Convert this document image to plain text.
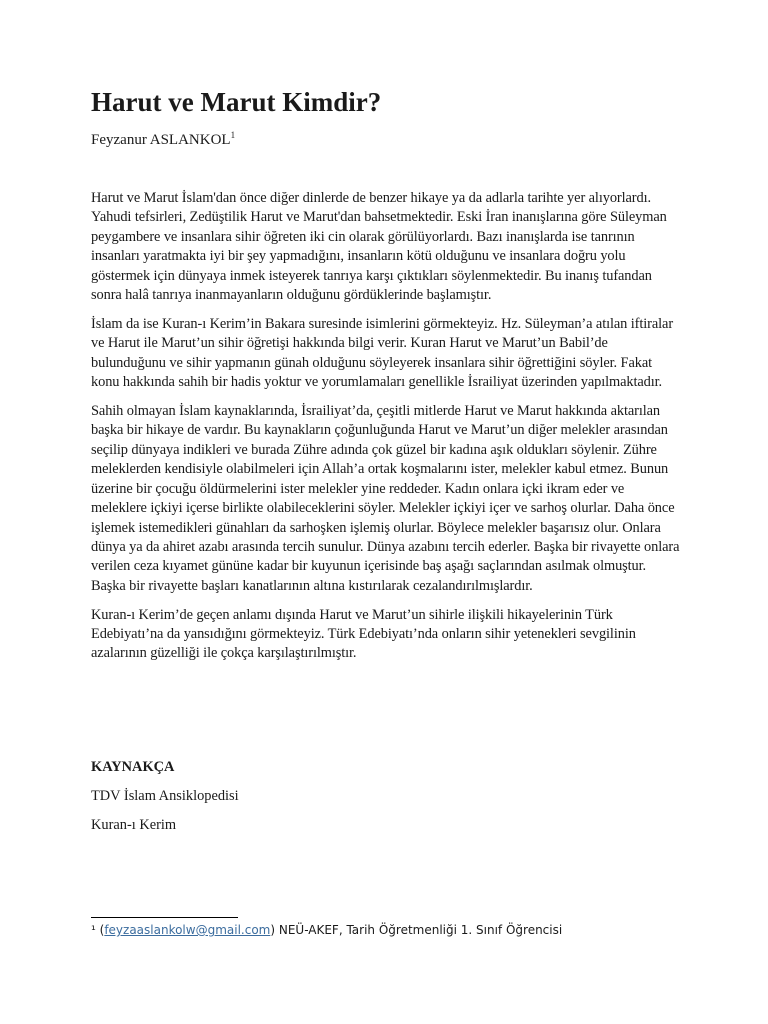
Harut ve Marut Kimdir?
Feyzanur ASLANKOL$^1$

Harut ve Marut İslam'dan önce diğer dinlerde de benzer hikaye ya da adlarla tarihte yer alıyorlardı. Yahudi tefsirleri, Zedüştilik Harut ve Marut'dan bahsetmektedir. Eski İran inanışlarına göre Süleyman peygambere ve insanlara sihir öğreten iki cin olarak görülüyorlardı. Bazı inanışlarda ise tanrının insanları yaratmakta iyi bir şey yapmadığını, insanların kötü olduğunu ve insanlara doğru yolu göstermek için dünyaya inmek isteyerek tanrıya karşı çıktıkları söylenmektedir. Bu inanış tufandan sonra halâ tanrıya inanmayanların olduğunu gördüklerinde başlamıştır.

İslam da ise Kuran-ı Kerim’in Bakara suresinde isimlerini görmekteyiz. Hz. Süleyman’a atılan iftiralar ve Harut ile Marut’un sihir öğretişi hakkında bilgi verir. Kuran Harut ve Marut’un Babil’de bulunduğunu ve sihir yapmanın günah olduğunu söyleyerek insanlara sihir öğrettiğini söyler. Fakat konu hakkında sahih bir hadis yoktur ve yorumlamaları genellikle İsrailiyat üzerinden yapılmaktadır.

Sahih olmayan İslam kaynaklarında, İsrailiyat’da, çeşitli mitlerde Harut ve Marut hakkında aktarılan başka bir hikaye de vardır. Bu kaynakların çoğunluğunda Harut ve Marut’un diğer melekler arasından seçilip dünyaya indikleri ve burada Zühre adında çok güzel bir kadına aşık oldukları söylenir. Zühre meleklerden kendisiyle olabilmeleri için Allah’a ortak koşmalarını ister, melekler kabul etmez. Bunun üzerine bir çocuğu öldürmelerini ister melekler yine reddeder. Kadın onlara içki ikram eder ve meleklere içkiyi içerse birlikte olabileceklerini söyler. Melekler içkiyi içer ve sarhoş olurlar. Daha önce işlemek istemedikleri günahları da sarhoşken işlemiş olurlar. Böylece melekler başarısız olur. Onlara dünya ya da ahiret azabı arasında tercih sunulur. Dünya azabını tercih ederler. Başka bir rivayette onlara verilen ceza kıyamet gününe kadar bir kuyunun içerisinde baş aşağı saçlarından asılmak olmuştur. Başka bir rivayette başları kanatlarının altına kıstırılarak cezalandırılmışlardır.

Kuran-ı Kerim’de geçen anlamı dışında Harut ve Marut’un sihirle ilişkili hikayelerinin Türk Edebiyatı’na da yansıdığını görmekteyiz. Türk Edebiyatı’nda onların sihir yetenekleri sevgilinin azalarının güzelliği ile çokça karşılaştırılmıştır.

KAYNAKÇA
TDV İslam Ansiklopedisi
Kuran-ı Kerim
¹ (feyzaaslankolw@gmail.com) NEÜ-AKEF, Tarih Öğretmenliği 1. Sınıf Öğrencisi
